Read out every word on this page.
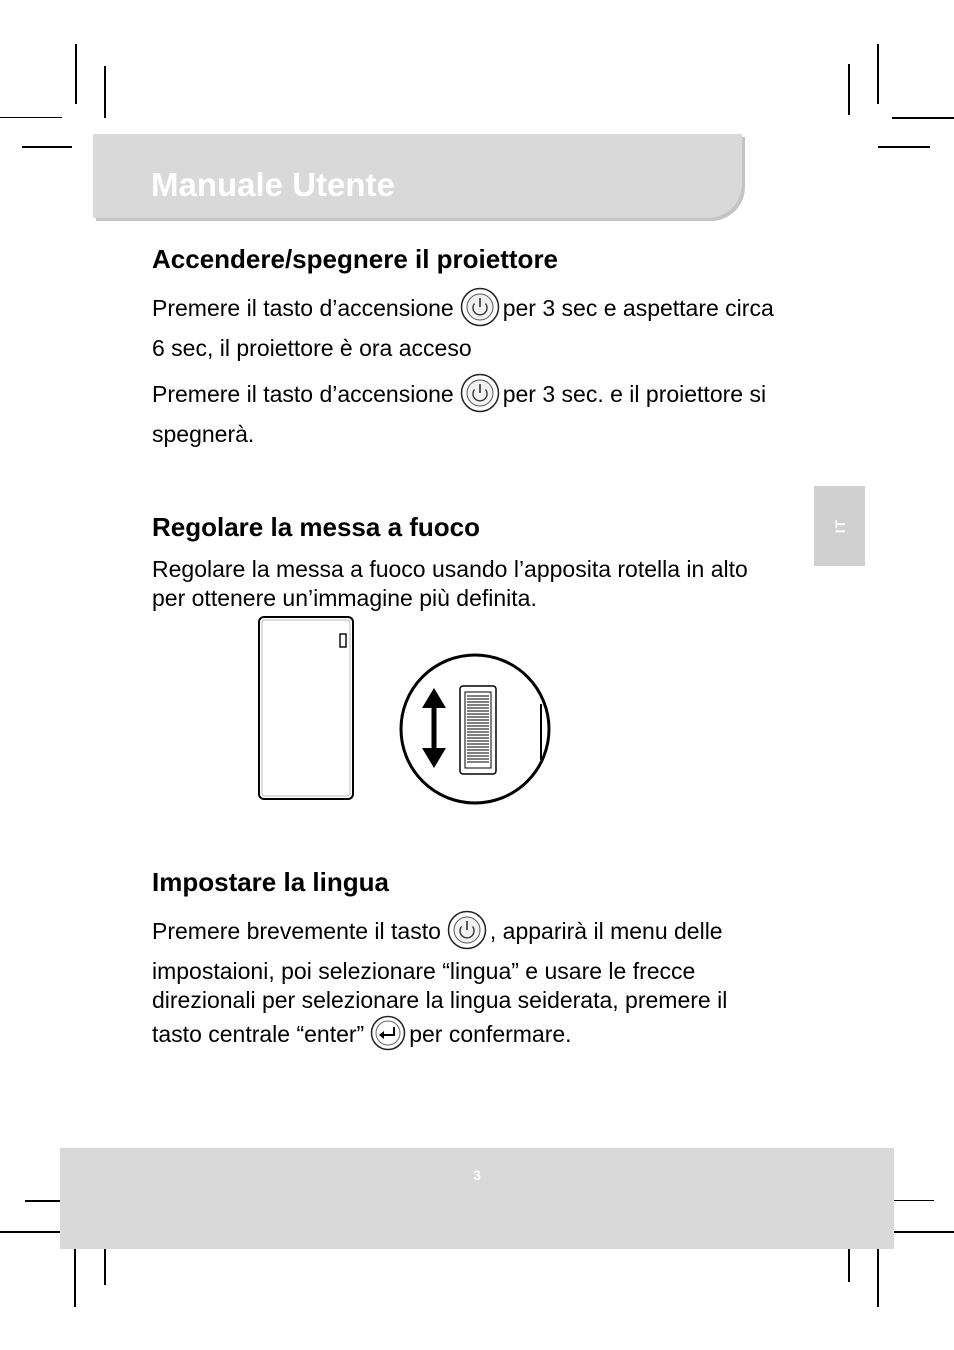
Manuale Utente
IT
Accendere/spegnere il proiettore
Premere il tasto d’accensione per 3 sec e aspettare circa 6 sec, il proiettore è ora acceso
Premere il tasto d’accensione per 3 sec. e il proiettore si spegnerà.
Regolare la messa a fuoco
Regolare la messa a fuoco usando l’apposita rotella in alto per ottenere un’immagine più definita.
Impostare la lingua
Premere brevemente il tasto , apparirà il menu delle impostaioni, poi selezionare “lingua” e usare le frecce direzionali per selezionare la lingua seiderata, premere il tasto centrale “enter” per confermare.
3
